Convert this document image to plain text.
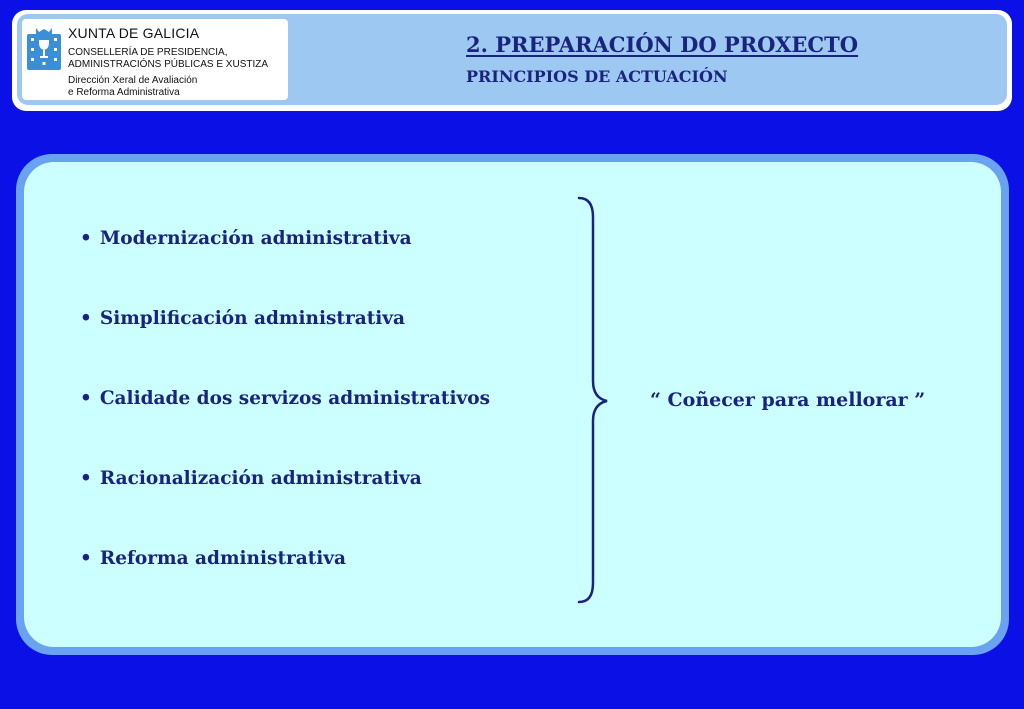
XUNTA DE GALICIA
CONSELLERÍA DE PRESIDENCIA,
ADMINISTRACIÓNS PÚBLICAS E XUSTIZA
Dirección Xeral de Avaliación
e Reforma Administrativa
2. PREPARACIÓN DO PROXECTO
PRINCIPIOS DE ACTUACIÓN
• Modernización administrativa
• Simplificación administrativa
• Calidade dos servizos administrativos
• Racionalización administrativa
• Reforma administrativa
“ Coñecer para mellorar ”
